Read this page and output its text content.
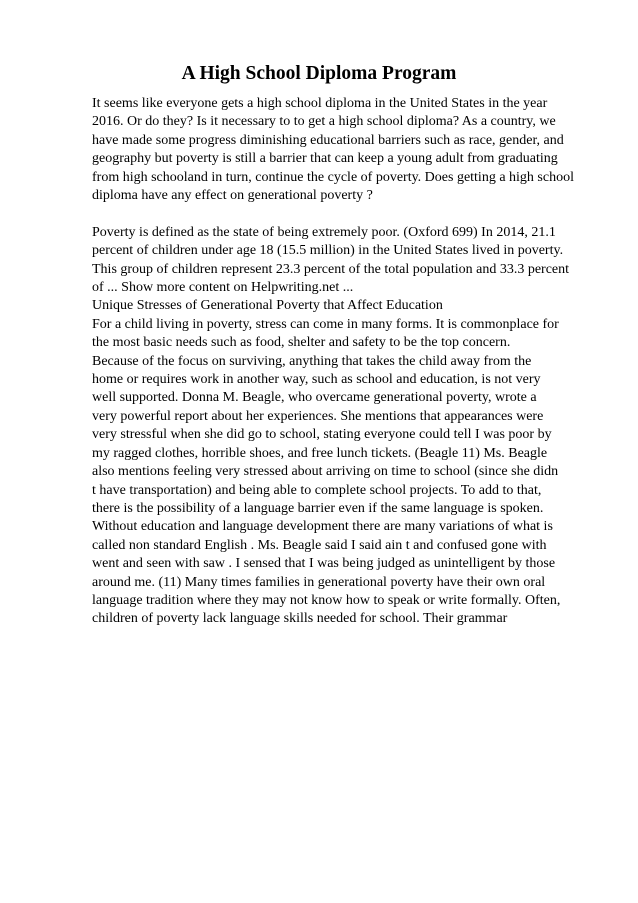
A High School Diploma Program
It seems like everyone gets a high school diploma in the United States in the year
2016. Or do they? Is it necessary to to get a high school diploma? As a country, we
have made some progress diminishing educational barriers such as race, gender, and
geography but poverty is still a barrier that can keep a young adult from graduating
from high schooland in turn, continue the cycle of poverty. Does getting a high school
diploma have any effect on generational poverty ?
Poverty is defined as the state of being extremely poor. (Oxford 699) In 2014, 21.1
percent of children under age 18 (15.5 million) in the United States lived in poverty.
This group of children represent 23.3 percent of the total population and 33.3 percent
of ... Show more content on Helpwriting.net ...
Unique Stresses of Generational Poverty that Affect Education
For a child living in poverty, stress can come in many forms. It is commonplace for
the most basic needs such as food, shelter and safety to be the top concern.
Because of the focus on surviving, anything that takes the child away from the
home or requires work in another way, such as school and education, is not very
well supported. Donna M. Beagle, who overcame generational poverty, wrote a
very powerful report about her experiences. She mentions that appearances were
very stressful when she did go to school, stating everyone could tell I was poor by
my ragged clothes, horrible shoes, and free lunch tickets. (Beagle 11) Ms. Beagle
also mentions feeling very stressed about arriving on time to school (since she didn
t have transportation) and being able to complete school projects. To add to that,
there is the possibility of a language barrier even if the same language is spoken.
Without education and language development there are many variations of what is
called non standard English . Ms. Beagle said I said ain t and confused gone with
went and seen with saw . I sensed that I was being judged as unintelligent by those
around me. (11) Many times families in generational poverty have their own oral
language tradition where they may not know how to speak or write formally. Often,
children of poverty lack language skills needed for school. Their grammar
